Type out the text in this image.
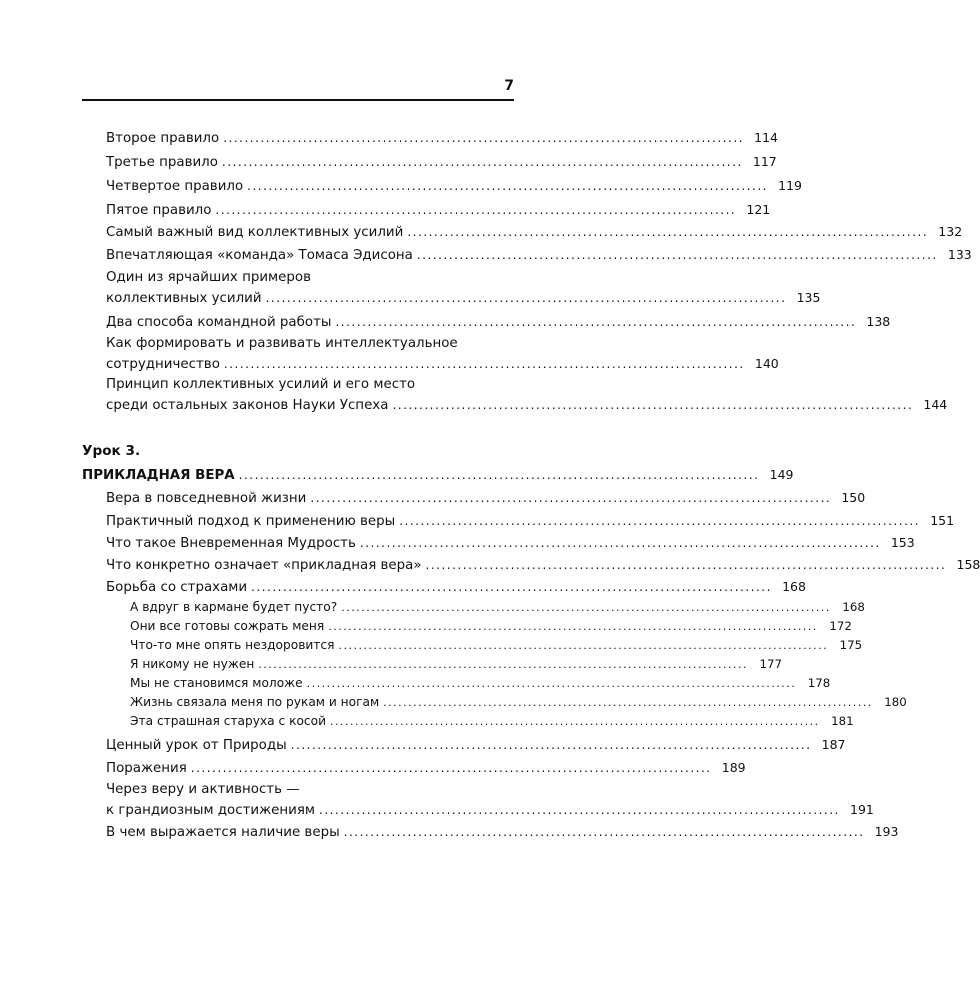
7
Второе правило .................................................................................................. 114
Третье правило .................................................................................................. 117
Четвертое правило .................................................................................................. 119
Пятое правило .................................................................................................. 121
Самый важный вид коллективных усилий .................................................................................................. 132
Впечатляющая «команда» Томаса Эдисона .................................................................................................. 133
Один из ярчайших примеров
коллективных усилий .................................................................................................. 135
Два способа командной работы .................................................................................................. 138
Как формировать и развивать интеллектуальное
сотрудничество .................................................................................................. 140
Принцип коллективных усилий и его место
среди остальных законов Науки Успеха .................................................................................................. 144
Урок 3.
ПРИКЛАДНАЯ ВЕРА .................................................................................................. 149
Вера в повседневной жизни .................................................................................................. 150
Практичный подход к применению веры .................................................................................................. 151
Что такое Вневременная Мудрость .................................................................................................. 153
Что конкретно означает «прикладная вера» .................................................................................................. 158
Борьба со страхами .................................................................................................. 168
А вдруг в кармане будет пусто? .................................................................................................. 168
Они все готовы сожрать меня .................................................................................................. 172
Что-то мне опять нездоровится .................................................................................................. 175
Я никому не нужен .................................................................................................. 177
Мы не становимся моложе .................................................................................................. 178
Жизнь связала меня по рукам и ногам .................................................................................................. 180
Эта страшная старуха с косой .................................................................................................. 181
Ценный урок от Природы .................................................................................................. 187
Поражения .................................................................................................. 189
Через веру и активность —
к грандиозным достижениям .................................................................................................. 191
В чем выражается наличие веры .................................................................................................. 193
